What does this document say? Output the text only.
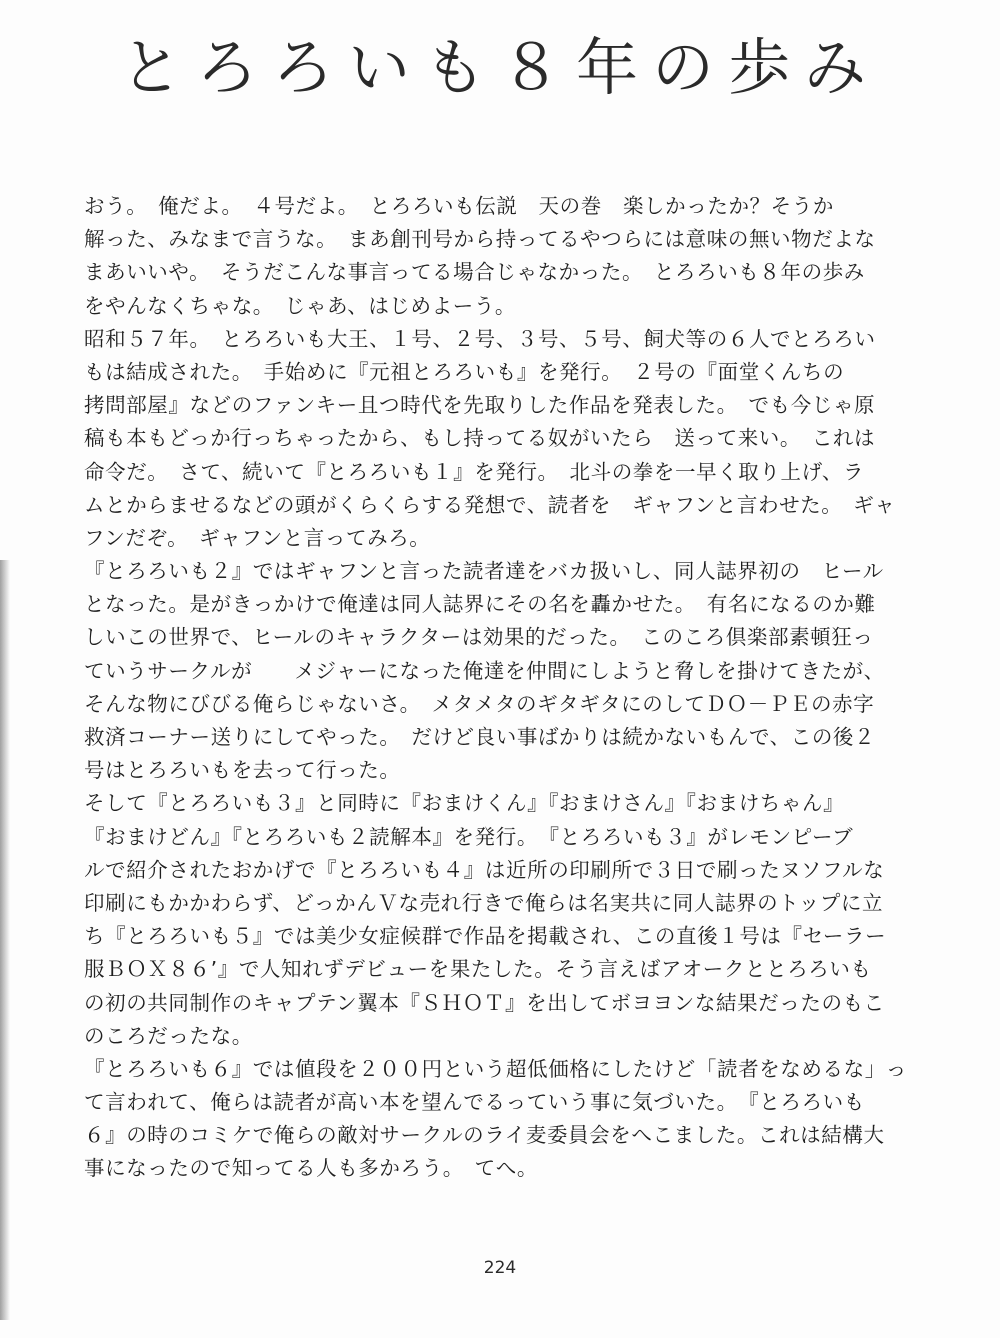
とろろいも８年の歩み
おう。　俺だよ。　４号だよ。　とろろいも伝説　天の巻　楽しかったか？そうか
解った、みなまで言うな。　まあ創刊号から持ってるやつらには意味の無い物だよな
まあいいや。　そうだこんな事言ってる場合じゃなかった。　とろろいも８年の歩み
をやんなくちゃな。　じゃあ、はじめよーう。
昭和５７年。　とろろいも大王、１号、２号、３号、５号、飼犬等の６人でとろろい
もは結成された。　手始めに『元祖とろろいも』を発行。　２号の『面堂くんちの
拷問部屋』などのファンキー且つ時代を先取りした作品を発表した。　でも今じゃ原
稿も本もどっか行っちゃったから、もし持ってる奴がいたら　送って来い。　これは
命令だ。　さて、続いて『とろろいも１』を発行。　北斗の拳を一早く取り上げ、ラ
ムとからませるなどの頭がくらくらする発想で、読者を　ギャフンと言わせた。　ギャ
フンだぞ。　ギャフンと言ってみろ。
『とろろいも２』ではギャフンと言った読者達をバカ扱いし、同人誌界初の　ヒール
となった。是がきっかけで俺達は同人誌界にその名を轟かせた。　有名になるのか難
しいこの世界で、ヒールのキャラクターは効果的だった。　このころ倶楽部素頓狂っ
ていうサークルが　　メジャーになった俺達を仲間にしようと脅しを掛けてきたが、
そんな物にびびる俺らじゃないさ。　メタメタのギタギタにのしてＤＯ－ＰＥの赤字
救済コーナー送りにしてやった。　だけど良い事ばかりは続かないもんで、この後２
号はとろろいもを去って行った。
そして『とろろいも３』と同時に『おまけくん』『おまけさん』『おまけちゃん』
『おまけどん』『とろろいも２読解本』を発行。　『とろろいも３』がレモンピーブ
ルで紹介されたおかげで『とろろいも４』は近所の印刷所で３日で刷ったヌソフルな
印刷にもかかわらず、どっかんＶな売れ行きで俺らは名実共に同人誌界のトップに立
ち『とろろいも５』では美少女症候群で作品を掲載され、この直後１号は『セーラー
服ＢＯＸ８６’』で人知れずデビューを果たした。そう言えばアオークととろろいも
の初の共同制作のキャプテン翼本『ＳＨＯＴ』を出してボヨヨンな結果だったのもこ
のころだったな。
『とろろいも６』では値段を２００円という超低価格にしたけど「読者をなめるな」っ
て言われて、俺らは読者が高い本を望んでるっていう事に気づいた。　『とろろいも
６』の時のコミケで俺らの敵対サークルのライ麦委員会をへこました。これは結構大
事になったので知ってる人も多かろう。　てへ。
224
